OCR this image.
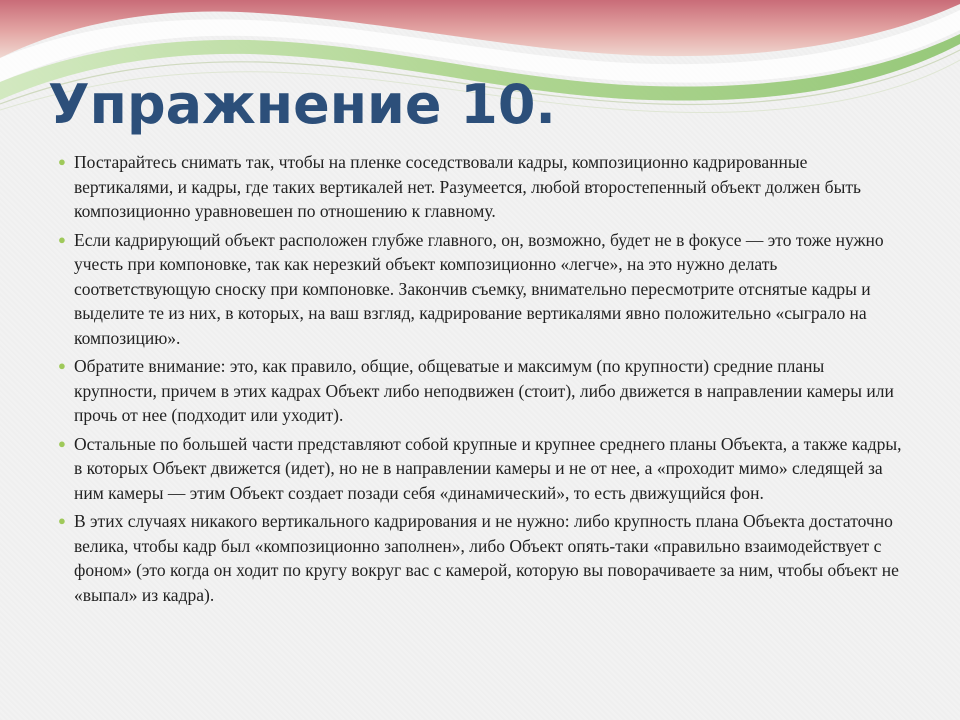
Упражнение 10.
● Постарайтесь снимать так, чтобы на пленке соседствовали кадры, композиционно кадрированные вертикалями, и кадры, где таких вертикалей нет. Разумеется, любой второстепенный объект должен быть композиционно уравновешен по отношению к главному.
● Если кадрирующий объект расположен глубже главного, он, возможно, будет не в фокусе — это тоже нужно учесть при компоновке, так как нерезкий объект композиционно «легче», на это нужно делать соответствующую сноску при компоновке. Закончив съемку, внимательно пересмотрите отснятые кадры и выделите те из них, в которых, на ваш взгляд, кадрирование вертикалями явно положительно «сыграло на композицию».
● Обратите внимание: это, как правило, общие, общеватые и максимум (по крупности) средние планы крупности, причем в этих кадрах Объект либо неподвижен (стоит), либо движется в направлении камеры или прочь от нее (подходит или уходит).
● Остальные по большей части представляют собой крупные и крупнее среднего планы Объекта, а также кадры, в которых Объект движется (идет), но не в направлении камеры и не от нее, а «проходит мимо» следящей за ним камеры — этим Объект создает позади себя «динамический», то есть движущийся фон.
● В этих случаях никакого вертикального кадрирования и не нужно: либо крупность плана Объекта достаточно велика, чтобы кадр был «композиционно заполнен», либо Объект опять-таки «правильно взаимодействует с фоном» (это когда он ходит по кругу вокруг вас с камерой, которую вы поворачиваете за ним, чтобы объект не «выпал» из кадра).
